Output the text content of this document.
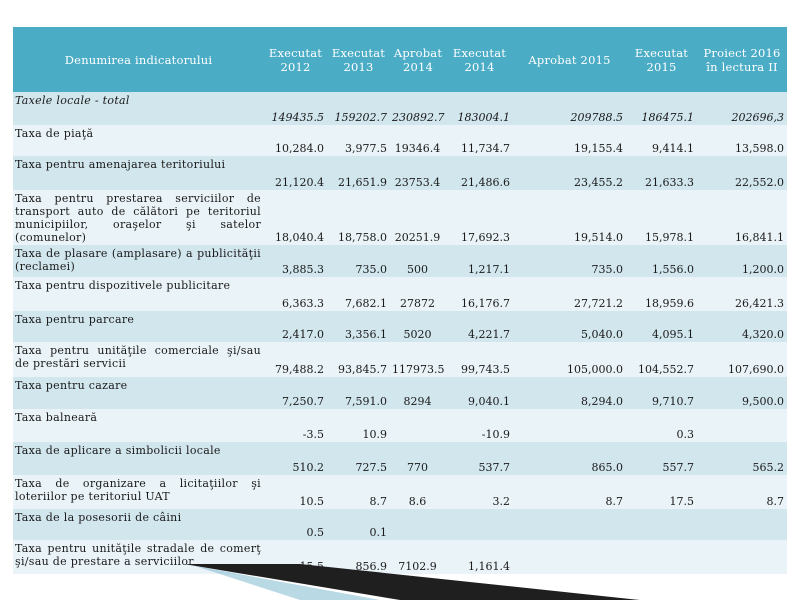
Denumirea indicatorului	Executat 2012	Executat 2013	Aprobat 2014	Executat 2014	Aprobat 2015	Executat 2015	Proiect 2016 în lectura II
Taxele locale - total	149435.5	159202.7	230892.7	183004.1	209788.5	186475.1	202696,3
Taxa de piaţă	10,284.0	3,977.5	19346.4	11,734.7	19,155.4	9,414.1	13,598.0
Taxa pentru amenajarea teritoriului	21,120.4	21,651.9	23753.4	21,486.6	23,455.2	21,633.3	22,552.0
Taxa pentru prestarea serviciilor de transport auto de călători pe teritoriul municipiilor, oraşelor şi satelor (comunelor)	18,040.4	18,758.0	20251.9	17,692.3	19,514.0	15,978.1	16,841.1
Taxa de plasare (amplasare) a publicităţii (reclamei)	3,885.3	735.0	500	1,217.1	735.0	1,556.0	1,200.0
Taxa pentru dispozitivele publicitare	6,363.3	7,682.1	27872	16,176.7	27,721.2	18,959.6	26,421.3
Taxa pentru parcare	2,417.0	3,356.1	5020	4,221.7	5,040.0	4,095.1	4,320.0
Taxa pentru unităţile comerciale şi/sau de prestări servicii	79,488.2	93,845.7	117973.5	99,743.5	105,000.0	104,552.7	107,690.0
Taxa pentru cazare	7,250.7	7,591.0	8294	9,040.1	8,294.0	9,710.7	9,500.0
Taxa balneară	-3.5	10.9		-10.9		0.3	
Taxa de aplicare a simbolicii locale	510.2	727.5	770	537.7	865.0	557.7	565.2
Taxa de organizare a licitaţiilor şi loteriilor pe teritoriul UAT	10.5	8.7	8.6	3.2	8.7	17.5	8.7
Taxa de la posesorii de câini	0.5	0.1					
Taxa pentru unităţile stradale de comerţ şi/sau de prestare a serviciilor		856.9	7102.9	1,161.4			
